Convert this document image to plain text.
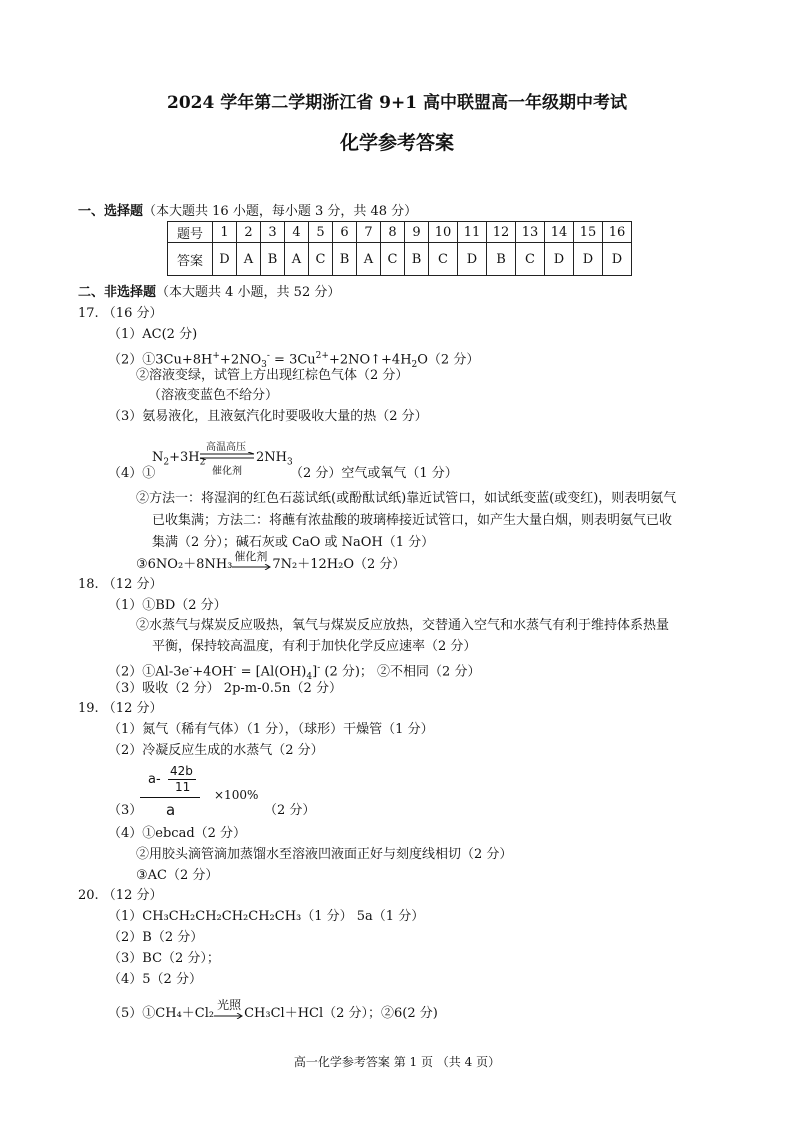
2024 学年第二学期浙江省 9+1 高中联盟高一年级期中考试
化学参考答案
一、选择题（本大题共 16 小题，每小题 3 分，共 48 分）
题号	1	2	3	4	5	6	7	8	9	10	11	12	13	14	15	16
答案	D	A	B	A	C	B	A	C	B	C	D	B	C	D	D	D
二、非选择题（本大题共 4 小题，共 52 分）
17. （16 分）
（1）AC(2 分)
$(2)①3Cu+8H^++2NO_3^-$ = $3Cu^{2+}+2NO↑+4H_2O(2$ 分）
②溶液变绿，试管上方出现红棕色气体（2 分）
（溶液变蓝色不给分）
（3）氨易液化，且液氨汽化时要吸收大量的热（2 分）
$N_2+3H_2$
高温高压
催化剂
$2NH_3$
（4）①	（2 分）空气或氧气（1 分）
②方法一：将湿润的红色石蕊试纸(或酚酞试纸)靠近试管口，如试纸变蓝(或变红)，则表明氨气
已收集满；方法二：将蘸有浓盐酸的玻璃棒接近试管口，如产生大量白烟，则表明氨气已收
集满（2 分）；碱石灰或 CaO 或 NaOH（1 分）
③6NO₂＋8NH₃
催化剂
7N₂＋12H₂O（2 分）
18. （12 分）
（1）①BD（2 分）
②水蒸气与煤炭反应吸热，氧气与煤炭反应放热，交替通入空气和水蒸气有利于维持体系热量
平衡，保持较高温度，有利于加快化学反应速率（2 分）
（2）①Al-3e-+4OH- = $[Al(OH)_4]^-$ (2 分)； ②不相同（2 分）
（3）吸收（2 分） 2p-m-0.5n（2 分）
19. （12 分）
（1）氮气（稀有气体）（1 分），（球形）干燥管（1 分）
（2）冷凝反应生成的水蒸气（2 分）
a-
42b
11
a
×100%
（3）	（2 分）
（4）①ebcad（2 分）
②用胶头滴管滴加蒸馏水至溶液凹液面正好与刻度线相切（2 分）
③AC（2 分）
20. （12 分）
（1）CH₃CH₂CH₂CH₂CH₂CH₃（1 分） 5a（1 分）
（2）B（2 分）
（3）BC（2 分）；
（4）5（2 分）
（5）①CH₄＋Cl₂
光照
CH₃Cl＋HCl（2 分）；②6(2 分)
高一化学参考答案 第 1 页 （共 4 页）
